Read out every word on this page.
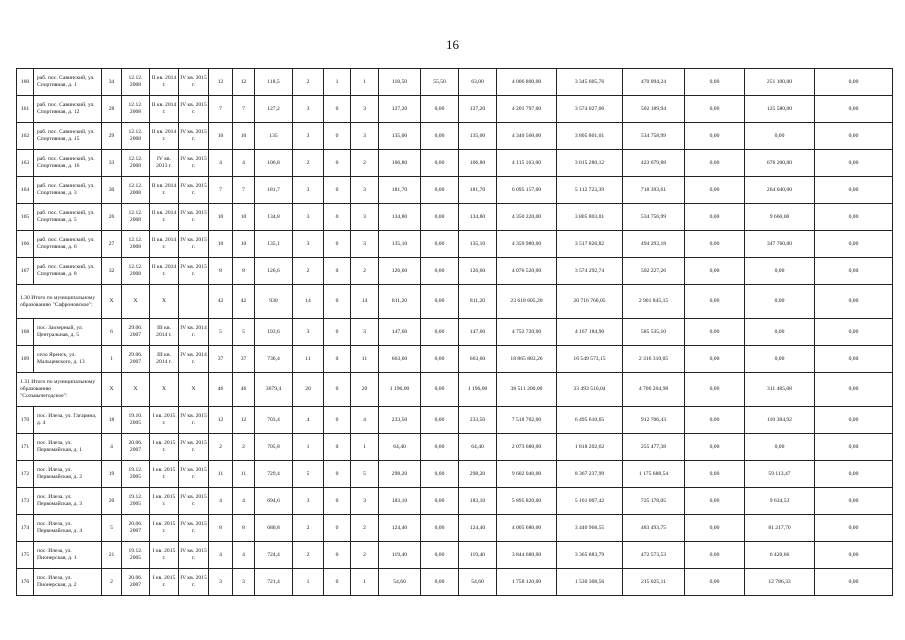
16
160	раб. пос. Савинский, ул. Спортивная, д. 1	34	12.12. 2008	II кв. 2014 г.	IV кв. 2015 г.	12	12	118,5	2	1	1	118,50	55,50	63,00	4 006 800,00	3 345 605,76	470 094,24	0,00	251 100,00	0,00
161	раб. пос. Савинский, ул. Спортивная, д. 12	28	12.12. 2008	II кв. 2014 г.	IV кв. 2015 г.	7	7	127,2	3	0	3	127,20	0,00	127,20	4 201 797,00	3 574 027,06	502 189,94	0,00	125 580,00	0,00
162	раб. пос. Савинский, ул. Спортивная, д. 15	29	12.12. 2008	II кв. 2014 г.	IV кв. 2015 г.	10	10	135	3	0	3	135,00	0,00	135,00	4 340 560,00	3 805 801,01	534 758,99	0,00	0,00	0,00
163	раб. пос. Савинский, ул. Спортивная, д. 16	33	12.12. 2008	IV кв. 2013 г.	IV кв. 2015 г.	4	4	106,8	2	0	2	106,80	0,00	106,80	4 115 163,00	3 015 280,12	423 679,88	0,00	676 200,00	0,00
164	раб. пос. Савинский, ул. Спортивная, д. 3	30	12.12. 2008	II кв. 2014 г.	IV кв. 2015 г.	7	7	181,7	3	0	3	181,70	0,00	181,70	6 095 157,00	5 112 723,39	718 393,61	0,00	264 040,00	0,00
165	раб. пос. Савинский, ул. Спортивная, д. 5	26	12.12. 2008	II кв. 2014 г.	IV кв. 2015 г.	10	10	134,8	3	0	3	134,80	0,00	134,80	4 350 220,00	3 805 803,01	534 756,99	0,00	9 660,00	0,00
166	раб. пос. Савинский, ул. Спортивная, д. 6	27	12.12. 2008	II кв. 2014 г.	IV кв. 2015 г.	10	10	135,1	3	0	3	135,10	0,00	135,10	4 359 980,00	3 517 826,82	494 293,18	0,00	347 760,00	0,00
167	раб. пос. Савинский, ул. Спортивная, д. 8	32	12.12. 2008	II кв. 2014 г.	IV кв. 2015 г.	8	8	126,6	2	0	2	126,60	0,00	126,60	4 076 520,00	3 574 292,74	502 227,26	0,00	0,00	0,00
1.30 Итого по муниципальному образованию "Сафроновское":		X	X	X		42	42	930	14	0	14	811,20	0,00	811,20	23 618 605,20	20 716 760,05	2 901 845,15	0,00	0,00	0,00
168	пос. Заозерный, ул. Центральная, д. 5	6	29.06. 2007	III кв. 2014 г.	IV кв. 2014 г.	5	5	193,6	3	0	3	147,60	0,00	147,60	4 752 720,00	4 167 184,90	585 535,10	0,00	0,00	0,00
169	село Яренск, ул. Мальцевского, д. 13	1	29.06. 2007	III кв. 2014 г.	IV кв. 2014 г.	37	37	736,4	11	0	11	663,60	0,00	663,60	18 865 883,26	16 549 573,15	2 316 310,05	0,00	0,00	0,00
1.31 Итого по муниципальному образованию "Сольвычегодское":		X	X	X	X	46	46	3679,4	20	0	20	1 196,00	0,00	1 196,00	38 511 200,00	33 493 510,04	4 706 204,98	0,00	311 485,08	0,00
170	пос. Илеза, ул. Гагарина, д. 4	18	19.10. 2005	I кв. 2015 г.	IV кв. 2015 г.	12	12	703,4	4	0	4	233,50	0,00	233,50	7 518 702,00	6 495 610,65	912 706,43	0,00	110 384,92	0,00
171	пос. Илеза, ул. Первомайская, д. 1	4	20.06. 2007	I кв. 2015 г.	IV кв. 2015 г.	2	2	705,8	1	0	1	64,40	0,00	64,40	2 073 680,00	1 818 202,62	255 477,38	0,00	0,00	0,00
172	пос. Илеза, ул. Первомайская, д. 2	19	19.12. 2005	I кв. 2015 г.	IV кв. 2015 г.	11	11	729,4	5	0	5	298,20	0,00	298,20	9 602 040,00	8 367 237,99	1 175 688,54	0,00	59 113,47	0,00
173	пос. Илеза, ул. Первомайская, д. 3	20	19.12. 2005	I кв. 2015 г.	IV кв. 2015 г.	4	4	694,6	3	0	3	183,10	0,00	183,10	5 895 820,00	5 161 007,42	725 178,05	0,00	9 634,53	0,00
174	пос. Илеза, ул. Первомайская, д. 4	5	20.06. 2007	I кв. 2015 г.	IV кв. 2015 г.	8	8	680,8	2	0	2	124,40	0,00	124,40	4 005 680,00	3 440 968,55	483 493,75	0,00	81 217,70	0,00
175	пос. Илеза, ул. Пионерская, д. 1	21	19.12. 2005	I кв. 2015 г.	IV кв. 2015 г.	4	4	724,4	2	0	2	119,40	0,00	119,40	3 844 680,00	3 365 883,79	472 573,53	0,00	6 420,66	0,00
176	пос. Илеза, ул. Пионерская, д. 2	2	20.06. 2007	I кв. 2015 г.	IV кв. 2015 г.	3	3	721,4	1	0	1	54,60	0,00	54,60	1 758 120,00	1 530 308,56	215 025,11	0,00	12 786,33	0,00
